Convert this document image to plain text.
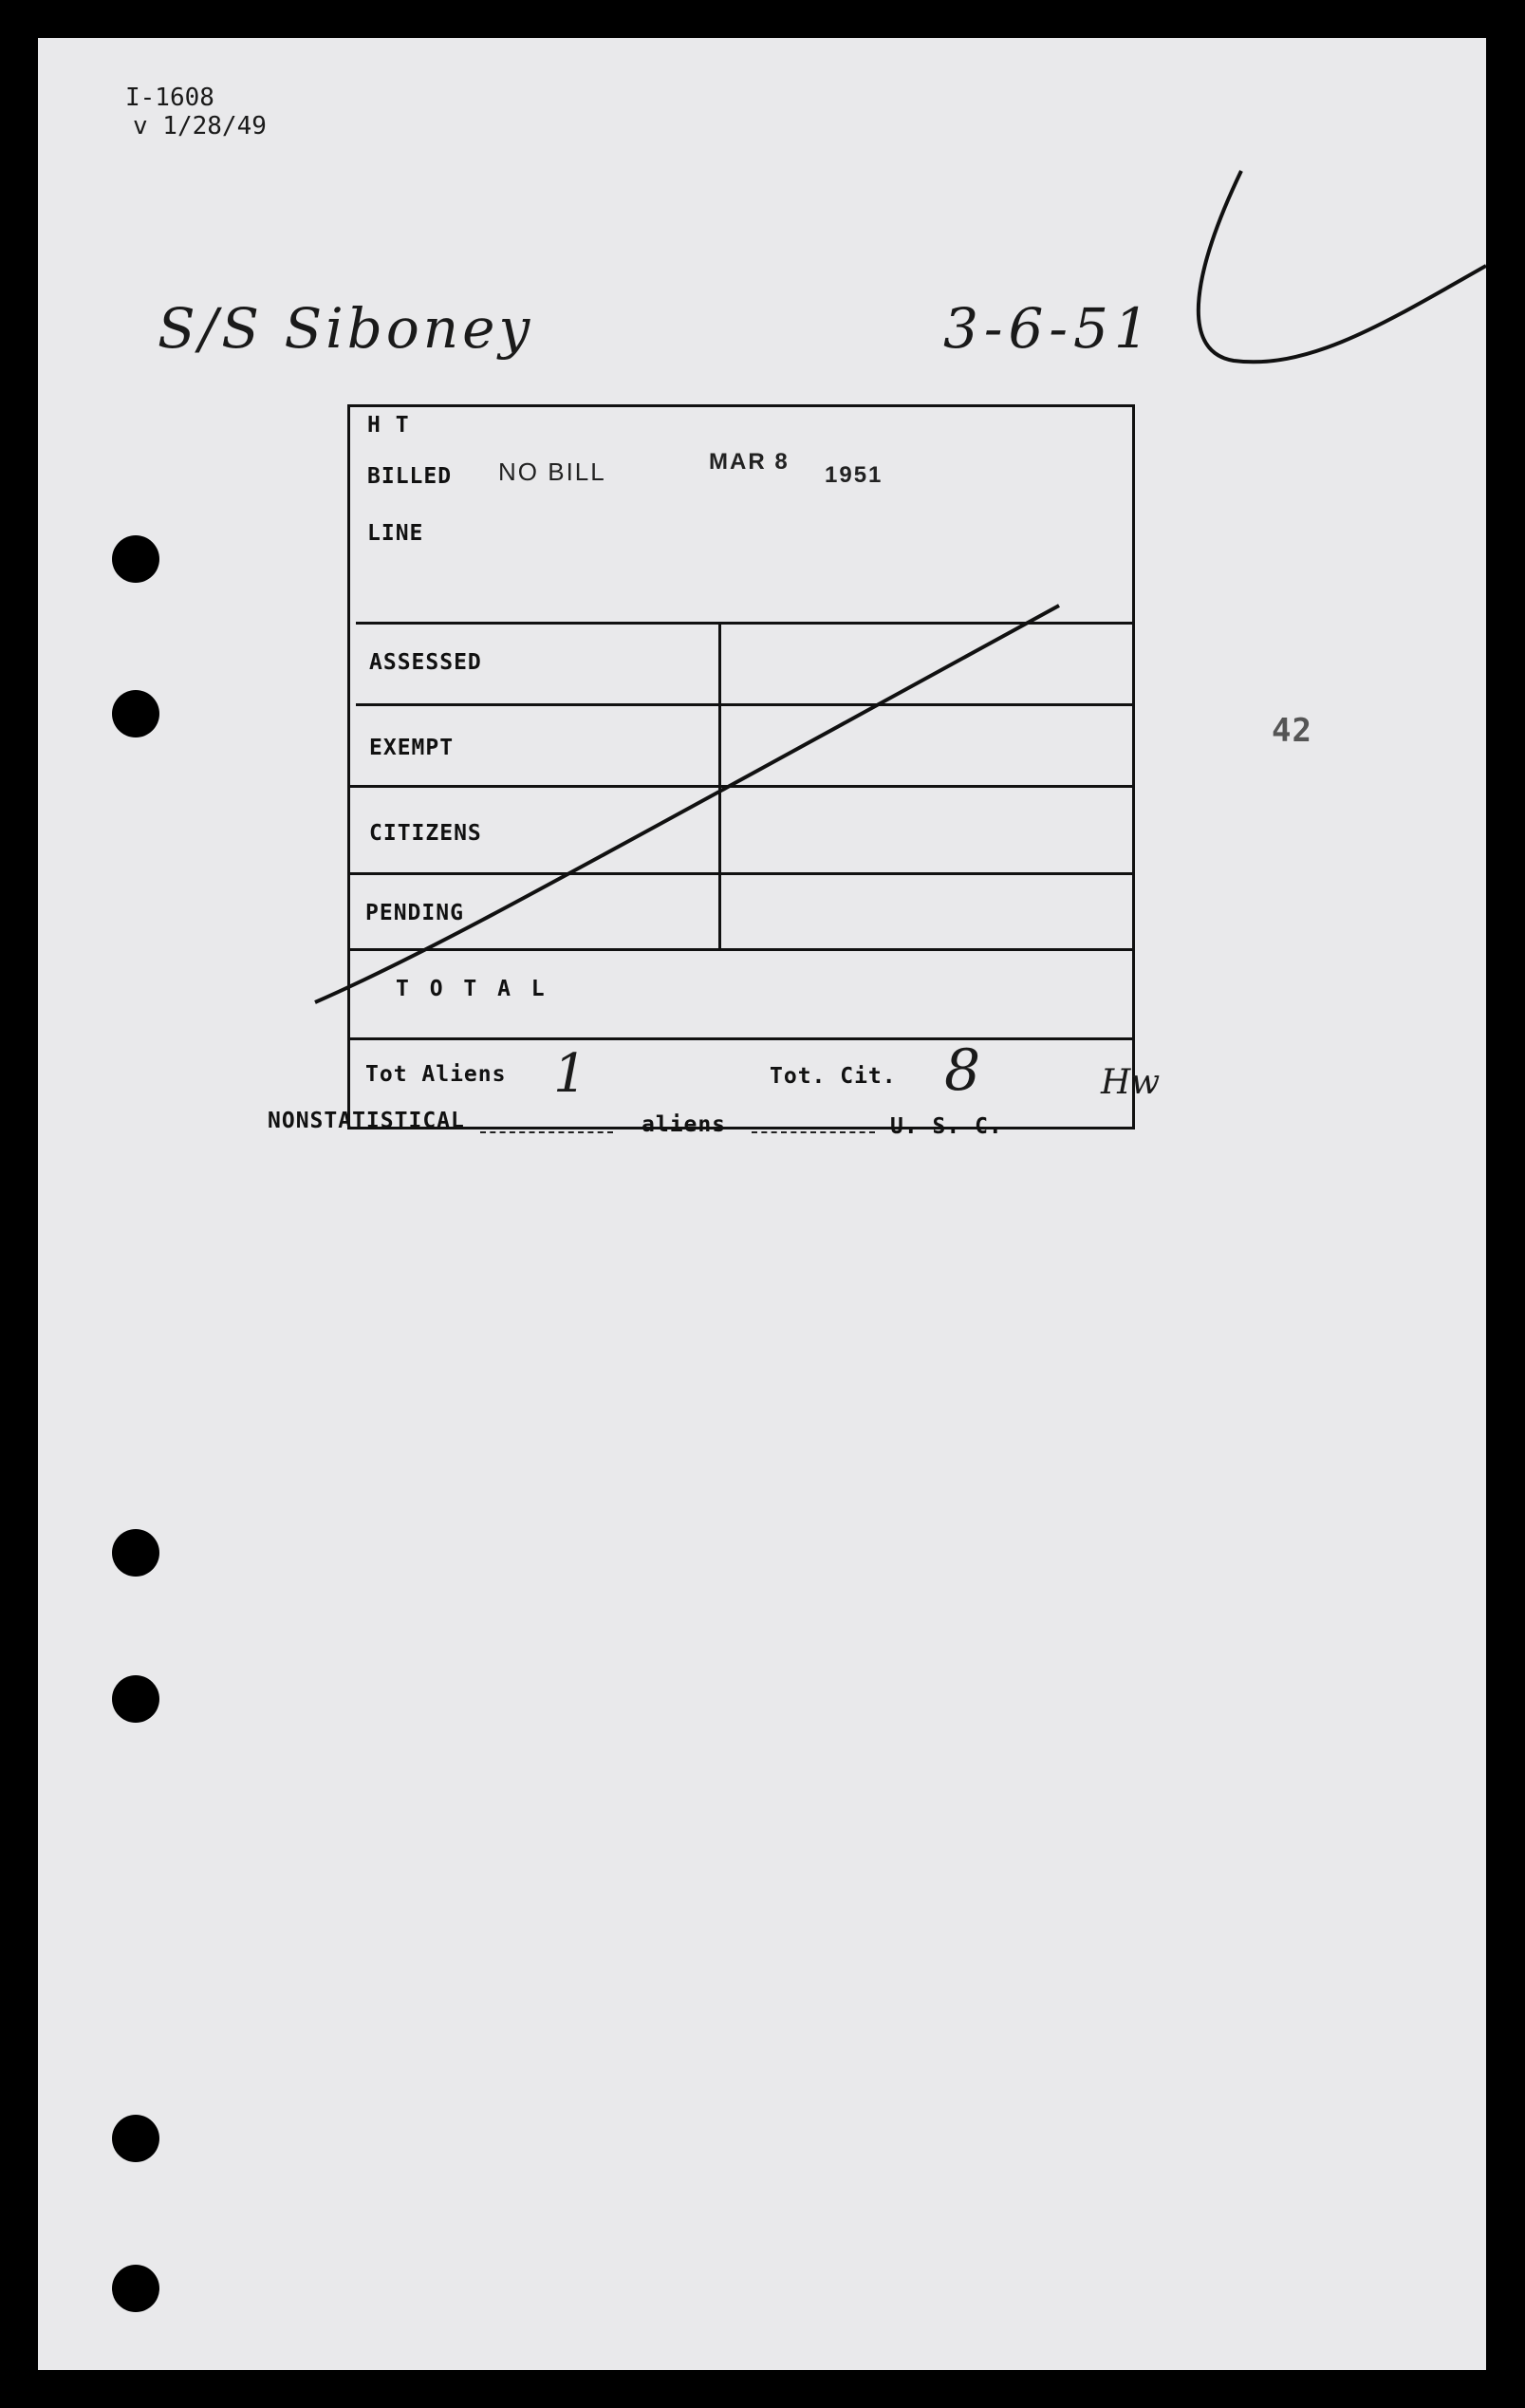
I-1608
v 1/28/49
S/S Siboney	3-6-51
H T
BILLED NO BILL	MAR 8
1951
LINE
ASSESSED
EXEMPT
CITIZENS
PENDING
T O T A L
Tot Aliens 1	Tot. Cit. 8	Hw
NONSTATISTICAL	aliens	U. S. C.
42
